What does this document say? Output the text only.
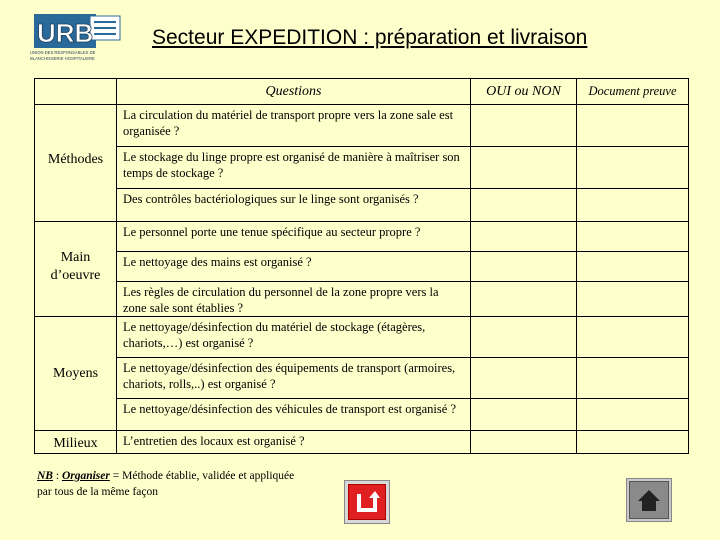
URB
UNION DES RESPONSABLES DE
BLANCHISSERIE HOSPITALIERE
Secteur EXPEDITION : préparation et livraison
	Questions	OUI ou NON	Document preuve

Méthodes	La circulation du matériel de transport propre vers la zone sale est organisée ?		
	Le stockage du linge propre est organisé de manière à maîtriser son temps de stockage ?		
	Des contrôles bactériologiques sur le linge sont organisés ?		

Main d’oeuvre	Le personnel porte une tenue spécifique au secteur propre ?		
	Le nettoyage des mains est organisé ?		
	Les règles de circulation du personnel de la zone propre vers la zone sale sont établies ?		

Moyens	Le nettoyage/désinfection du matériel de stockage (étagères, chariots,…) est organisé ?		
	Le nettoyage/désinfection des équipements de transport (armoires, chariots, rolls,..) est organisé ?		
	Le nettoyage/désinfection des véhicules de transport est organisé ?		

Milieux	L’entretien des locaux est organisé ?		
NB : Organiser = Méthode établie, validée et appliquée par tous de la même façon
